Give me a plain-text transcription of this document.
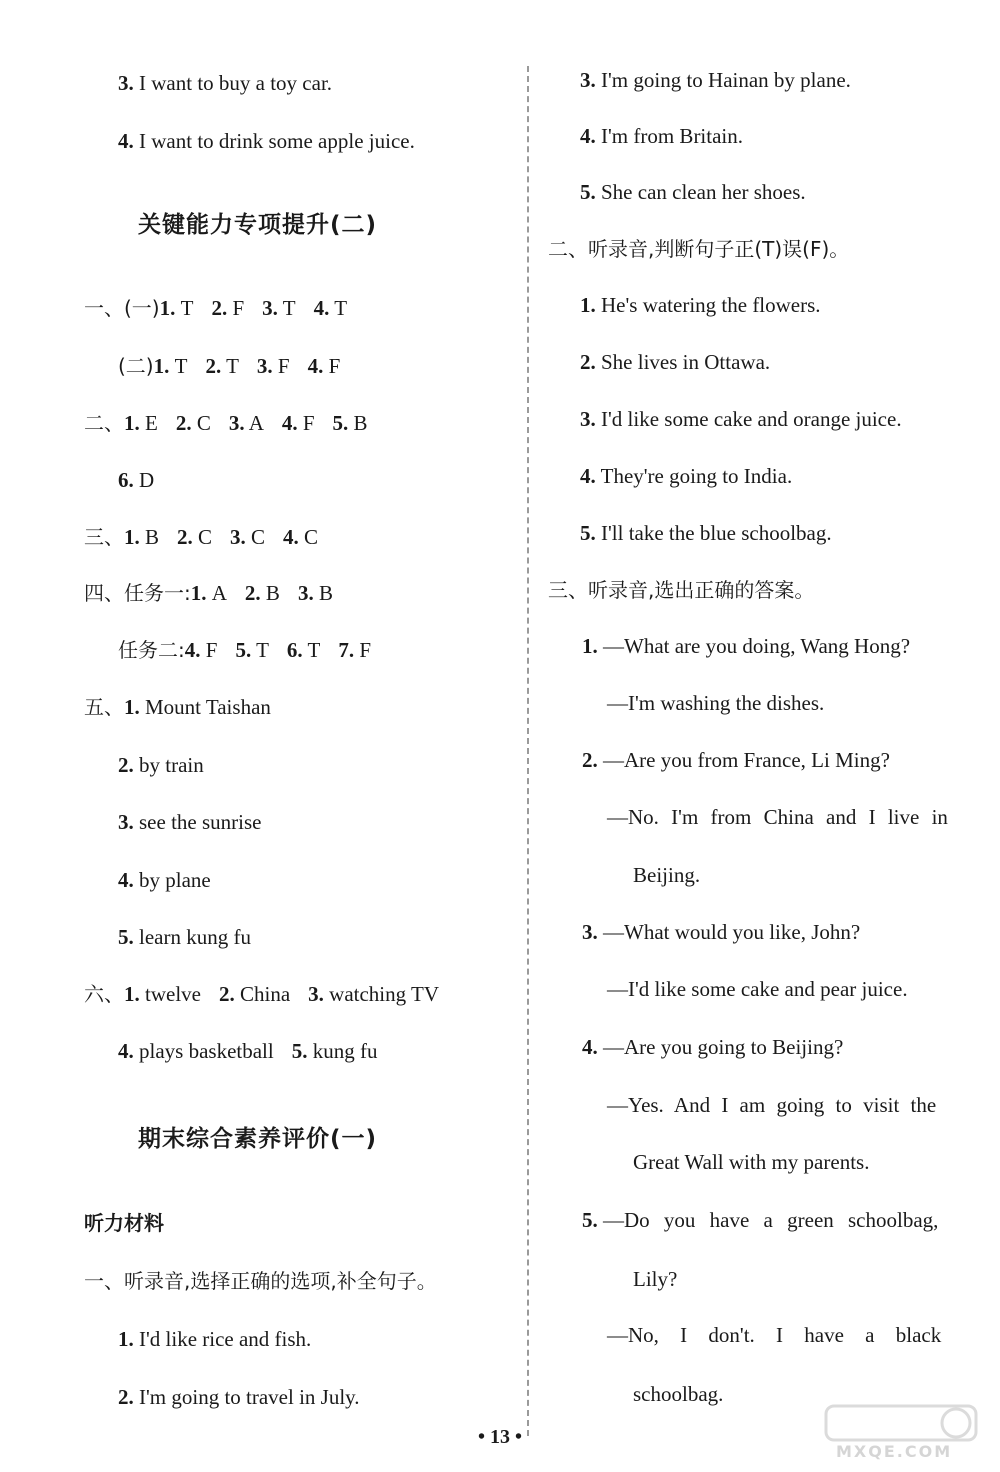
3. I want to buy a toy car.
4. I want to drink some apple juice.
关键能力专项提升(二)
一、(一)1. T 2. F 3. T 4. T
(二)1. T 2. T 3. F 4. F
二、1. E 2. C 3. A 4. F 5. B
6. D
三、1. B 2. C 3. C 4. C
四、任务一:1. A 2. B 3. B
任务二:4. F 5. T 6. T 7. F
五、1. Mount Taishan
2. by train
3. see the sunrise
4. by plane
5. learn kung fu
六、1. twelve 2. China 3. watching TV
4. plays basketball 5. kung fu
期末综合素养评价(一)
听力材料
一、听录音,选择正确的选项,补全句子。
1. I'd like rice and fish.
2. I'm going to travel in July.
3. I'm going to Hainan by plane.
4. I'm from Britain.
5. She can clean her shoes.
二、听录音,判断句子正(T)误(F)。
1. He's watering the flowers.
2. She lives in Ottawa.
3. I'd like some cake and orange juice.
4. They're going to India.
5. I'll take the blue schoolbag.
三、听录音,选出正确的答案。
1. —What are you doing, Wang Hong?
—I'm washing the dishes.
2. —Are you from France, Li Ming?
—No. I'm from China and I live in
Beijing.
3. —What would you like, John?
—I'd like some cake and pear juice.
4. —Are you going to Beijing?
—Yes. And I am going to visit the
Great Wall with my parents.
5. —Do you have a green schoolbag,
Lily?
—No, I don't. I have a black
schoolbag.
• 13 •
MXQE.COM
